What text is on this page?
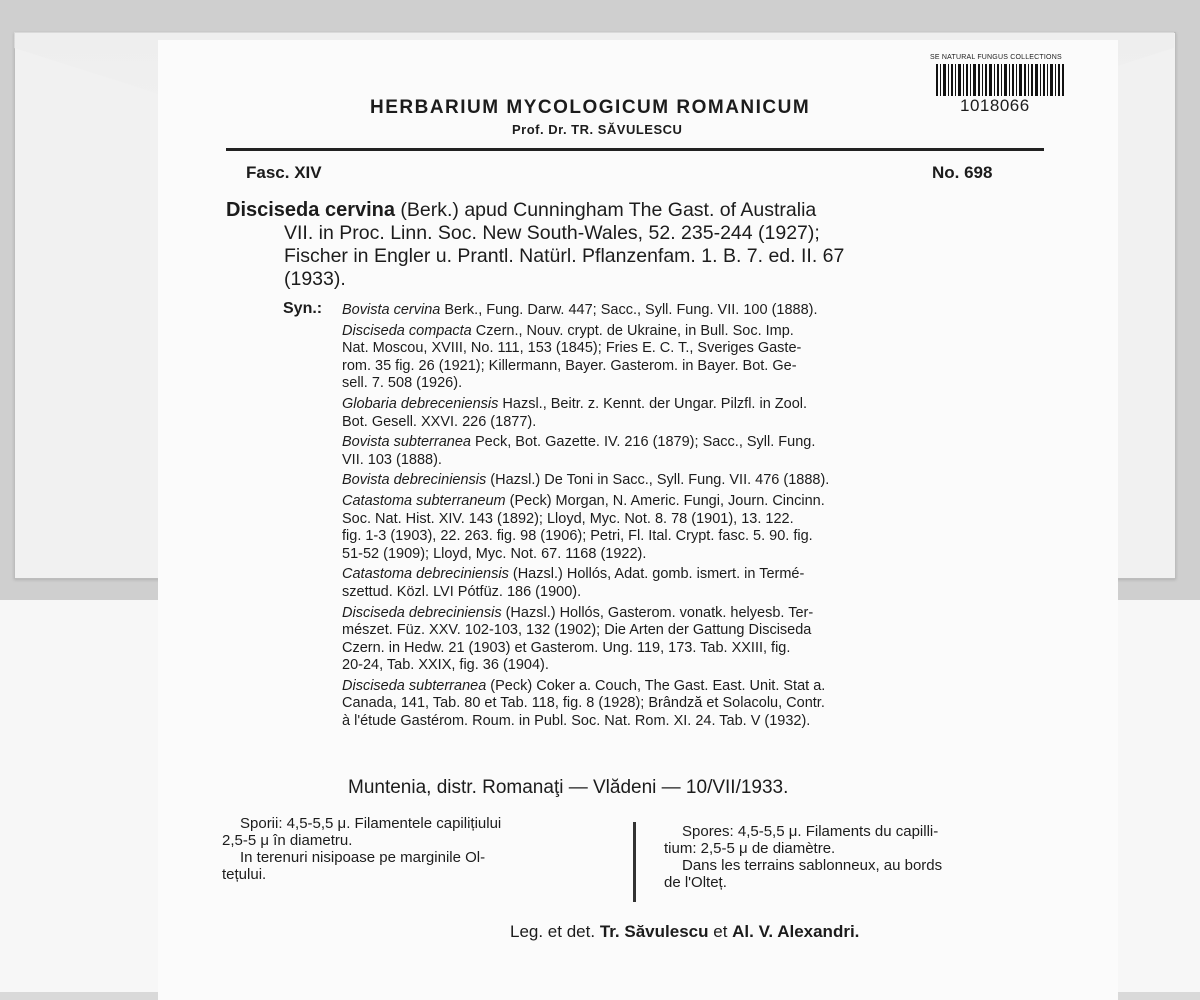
SE NATURAL FUNGUS COLLECTIONS
1018066
HERBARIUM MYCOLOGICUM ROMANICUM
Prof. Dr. TR. SĂVULESCU
Fasc. XIV	No. 698
Disciseda cervina (Berk.) apud Cunningham The Gast. of Australia
VII. in Proc. Linn. Soc. New South-Wales, 52. 235-244 (1927);
Fischer in Engler u. Prantl. Natürl. Pflanzenfam. 1. B. 7. ed. II. 67
(1933).
Syn.: Bovista cervina Berk., Fung. Darw. 447; Sacc., Syll. Fung. VII. 100 (1888).
Disciseda compacta Czern., Nouv. crypt. de Ukraine, in Bull. Soc. Imp.
Nat. Moscou, XVIII, No. 111, 153 (1845); Fries E. C. T., Sveriges Gaste-
rom. 35 fig. 26 (1921); Killermann, Bayer. Gasterom. in Bayer. Bot. Ge-
sell. 7. 508 (1926).
Globaria debreceniensis Hazsl., Beitr. z. Kennt. der Ungar. Pilzfl. in Zool.
Bot. Gesell. XXVI. 226 (1877).
Bovista subterranea Peck, Bot. Gazette. IV. 216 (1879); Sacc., Syll. Fung.
VII. 103 (1888).
Bovista debreciniensis (Hazsl.) De Toni in Sacc., Syll. Fung. VII. 476 (1888).
Catastoma subterraneum (Peck) Morgan, N. Americ. Fungi, Journ. Cincinn.
Soc. Nat. Hist. XIV. 143 (1892); Lloyd, Myc. Not. 8. 78 (1901), 13. 122.
fig. 1-3 (1903), 22. 263. fig. 98 (1906); Petri, Fl. Ital. Crypt. fasc. 5. 90. fig.
51-52 (1909); Lloyd, Myc. Not. 67. 1168 (1922).
Catastoma debreciniensis (Hazsl.) Hollós, Adat. gomb. ismert. in Termé-
szettud. Közl. LVI Pótfüz. 186 (1900).
Disciseda debreciniensis (Hazsl.) Hollós, Gasterom. vonatk. helyesb. Ter-
mészet. Füz. XXV. 102-103, 132 (1902); Die Arten der Gattung Disciseda
Czern. in Hedw. 21 (1903) et Gasterom. Ung. 119, 173. Tab. XXIII, fig.
20-24, Tab. XXIX, fig. 36 (1904).
Disciseda subterranea (Peck) Coker a. Couch, The Gast. East. Unit. Stat a.
Canada, 141, Tab. 80 et Tab. 118, fig. 8 (1928); Brândză et Solacolu, Contr.
à l'étude Gastérom. Roum. in Publ. Soc. Nat. Rom. XI. 24. Tab. V (1932).
Muntenia, distr. Romanaţi — Vlădeni — 10/VII/1933.
Sporii: 4,5-5,5 μ. Filamentele capilițiului
2,5-5 μ în diametru.
In terenuri nisipoase pe marginile Ol-
tețului.
Spores: 4,5-5,5 μ. Filaments du capilli-
tium: 2,5-5 μ de diamètre.
Dans les terrains sablonneux, au bords
de l'Olteț.
Leg. et det. Tr. Săvulescu et Al. V. Alexandri.
